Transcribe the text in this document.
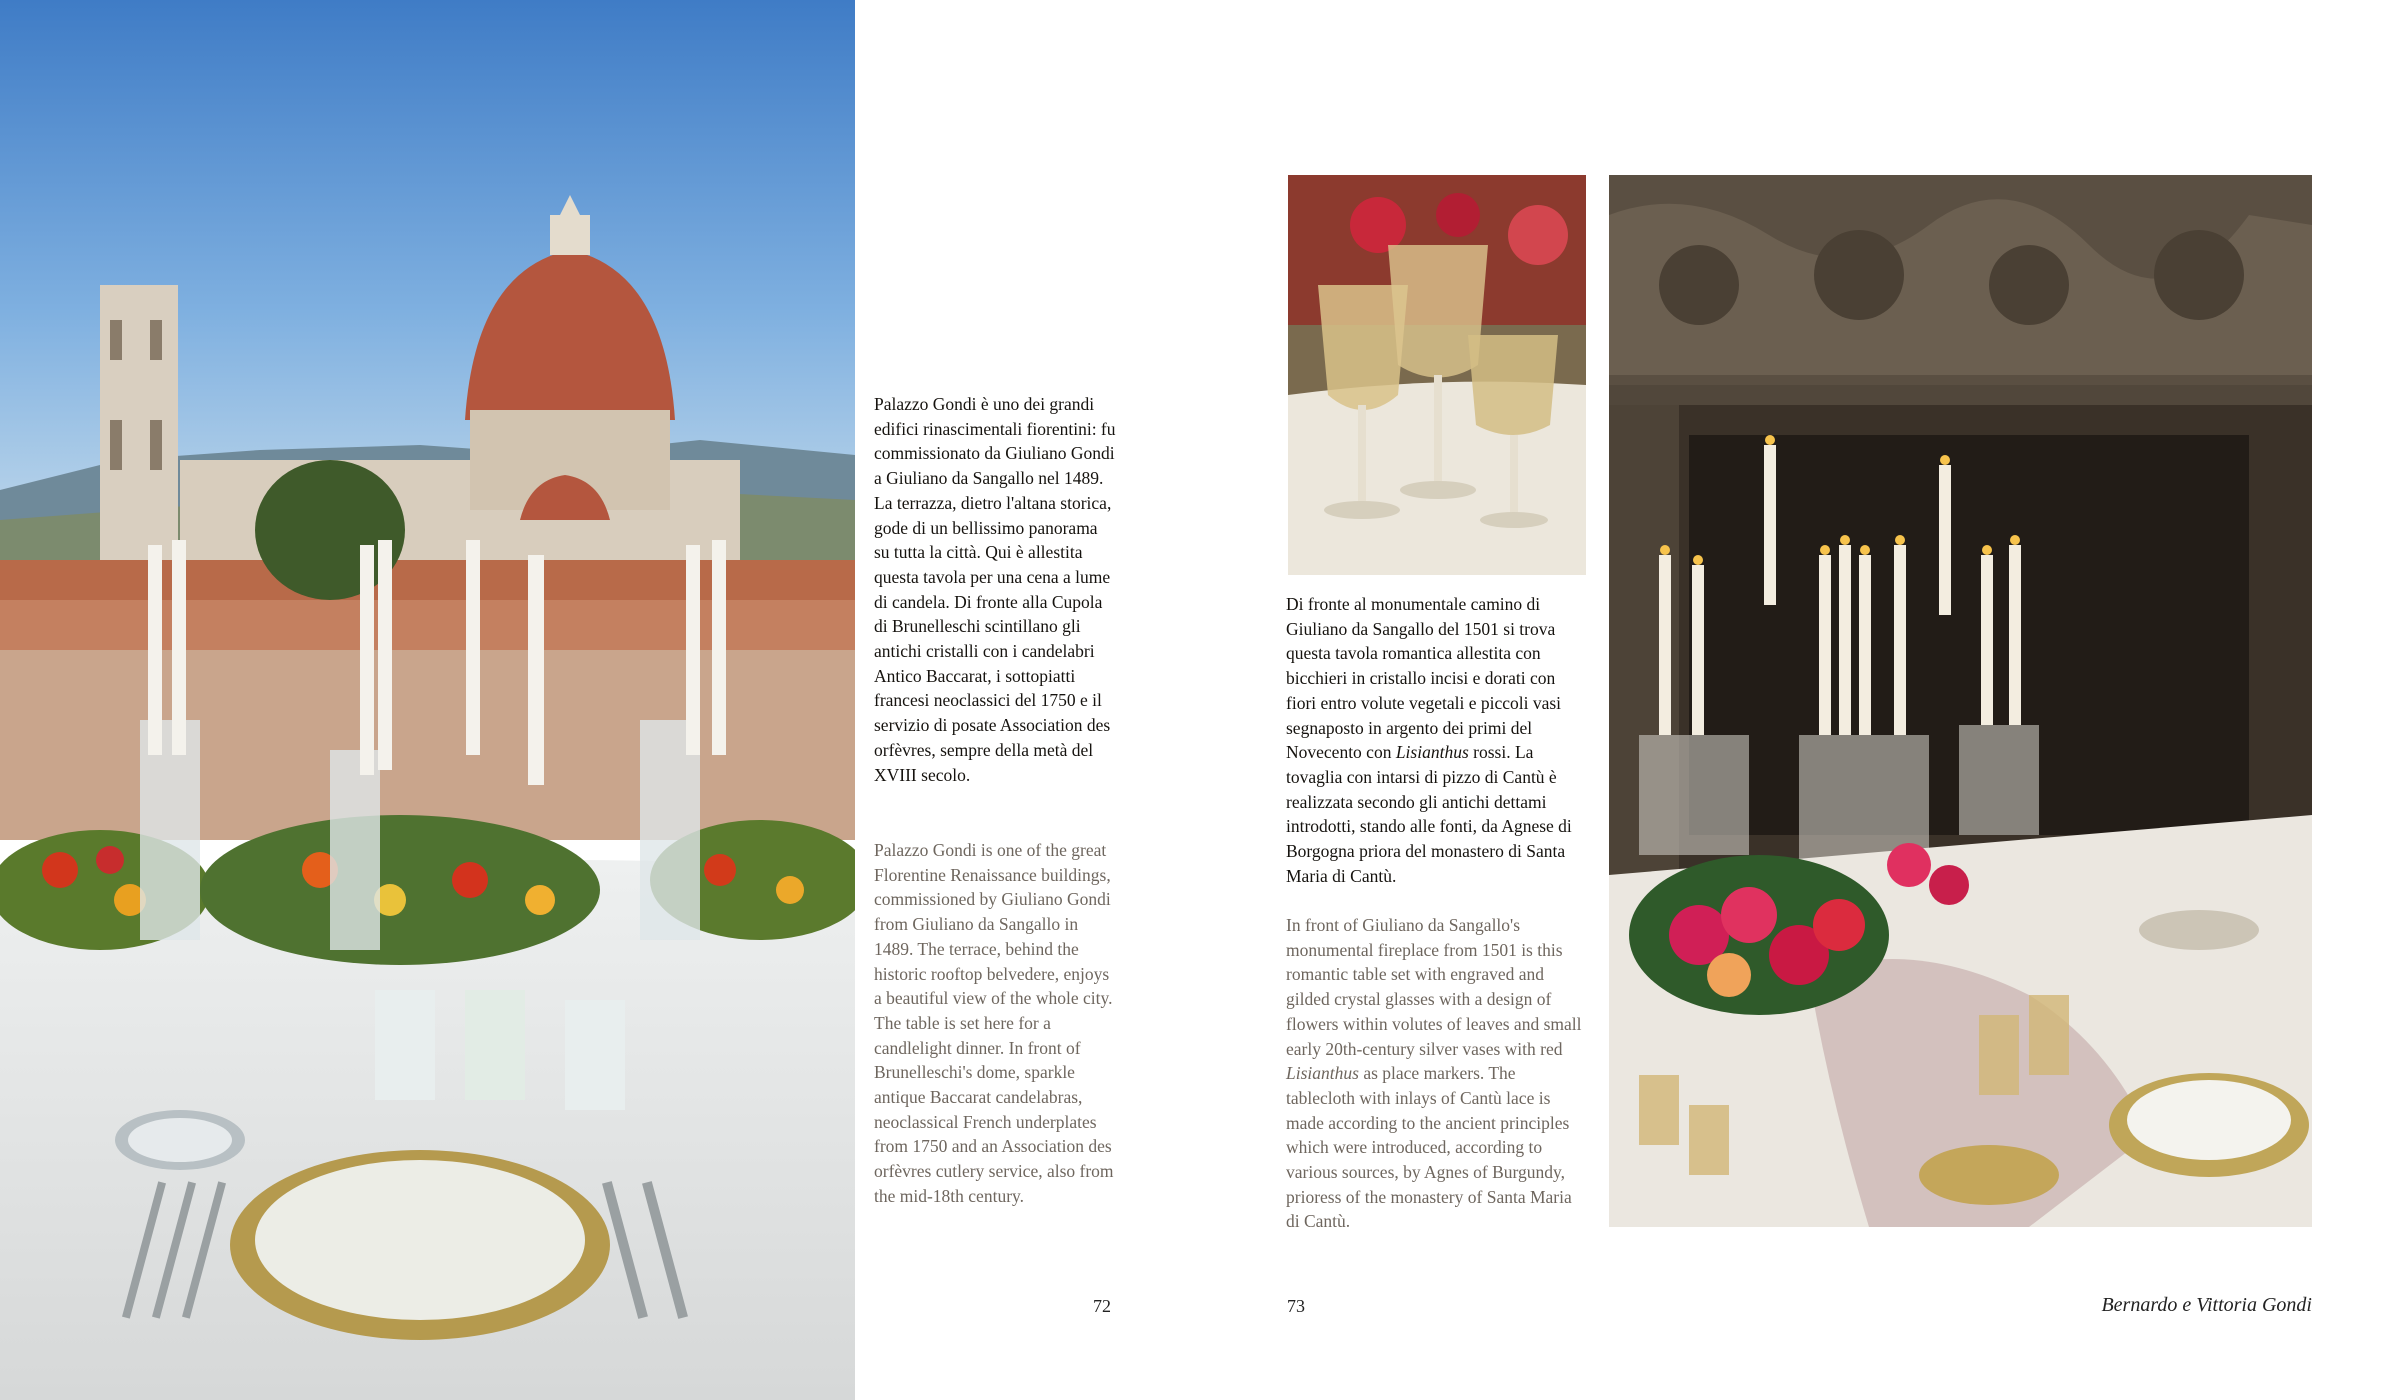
Palazzo Gondi è uno dei grandi edifici rinascimentali fiorentini: fu commissionato da Giuliano Gondi a Giuliano da Sangallo nel 1489. La terrazza, dietro l'altana storica, gode di un bellissimo panorama su tutta la città. Qui è allestita questa tavola per una cena a lume di candela. Di fronte alla Cupola di Brunelleschi scintillano gli antichi cristalli con i candelabri Antico Baccarat, i sottopiatti francesi neoclassici del 1750 e il servizio di posate Association des orfèvres, sempre della metà del XVIII secolo.

Palazzo Gondi is one of the great Florentine Renaissance buildings, commissioned by Giuliano Gondi from Giuliano da Sangallo in 1489. The terrace, behind the historic rooftop belvedere, enjoys a beautiful view of the whole city. The table is set here for a candlelight dinner. In front of Brunelleschi's dome, sparkle antique Baccarat candelabras, neoclassical French underplates from 1750 and an Association des orfèvres cutlery service, also from the mid-18th century.

72

Di fronte al monumentale camino di Giuliano da Sangallo del 1501 si trova questa tavola romantica allestita con bicchieri in cristallo incisi e dorati con fiori entro volute vegetali e piccoli vasi segnaposto in argento dei primi del Novecento con Lisianthus rossi. La tovaglia con intarsi di pizzo di Cantù è realizzata secondo gli antichi dettami introdotti, stando alle fonti, da Agnese di Borgogna priora del monastero di Santa Maria di Cantù.

In front of Giuliano da Sangallo's monumental fireplace from 1501 is this romantic table set with engraved and gilded crystal glasses with a design of flowers within volutes of leaves and small early 20th-century silver vases with red Lisianthus as place markers. The tablecloth with inlays of Cantù lace is made according to the ancient principles which were introduced, according to various sources, by Agnes of Burgundy, prioress of the monastery of Santa Maria di Cantù.

73	Bernardo e Vittoria Gondi
